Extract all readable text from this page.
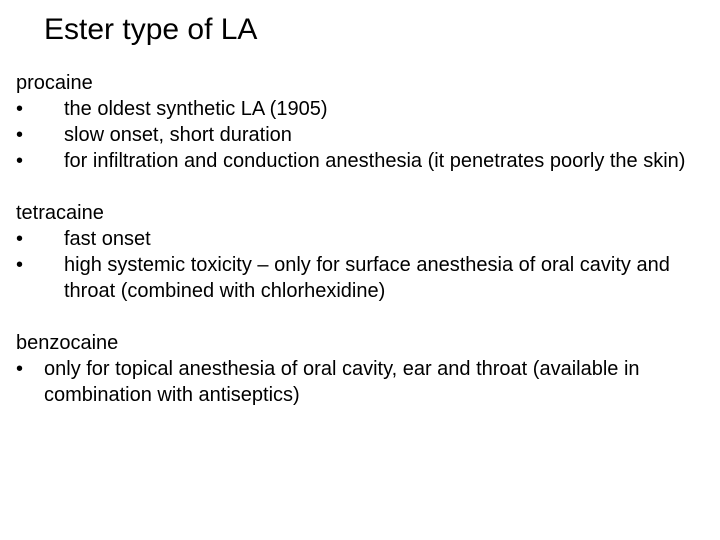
Ester type of LA

procaine

•	the oldest synthetic LA (1905)
•	slow onset, short duration
•	for infiltration and conduction anesthesia (it penetrates poorly the skin)

tetracaine

•	fast onset
•	high systemic toxicity – only for surface anesthesia of oral cavity and throat (combined with chlorhexidine)

benzocaine

•	only for topical anesthesia of oral cavity, ear and throat (available in combination with antiseptics)
